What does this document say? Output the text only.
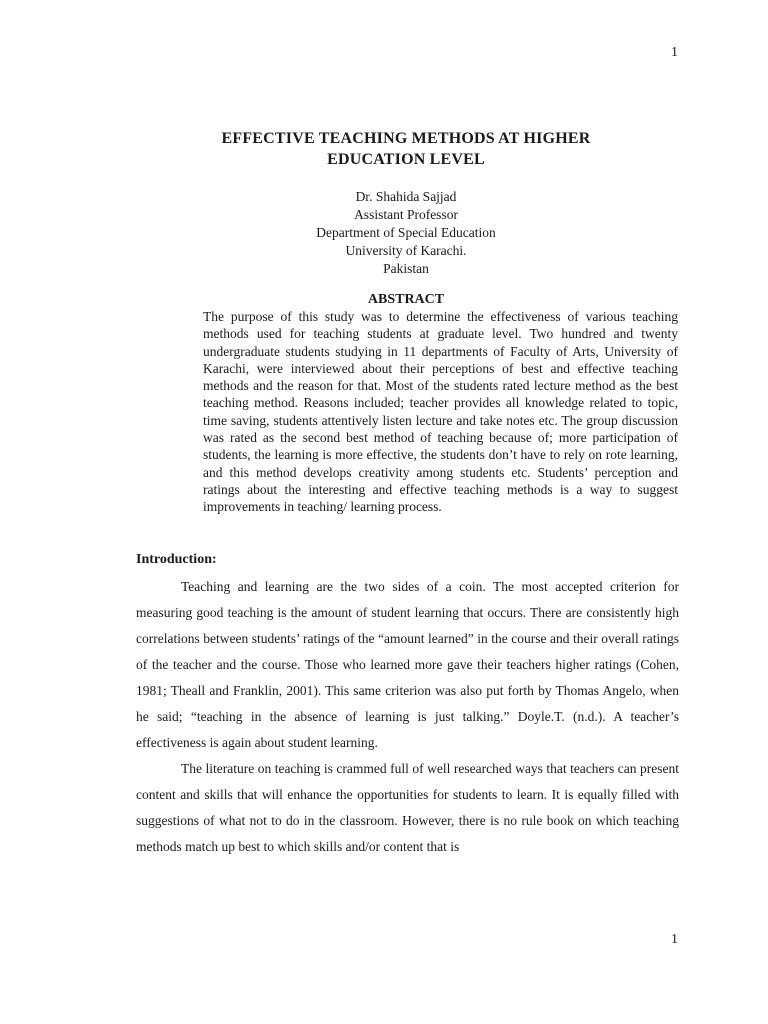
1
EFFECTIVE TEACHING METHODS AT HIGHER
EDUCATION LEVEL
Dr. Shahida Sajjad
Assistant Professor
Department of Special Education
University of Karachi.
Pakistan
ABSTRACT
The purpose of this study was to determine the effectiveness of various teaching methods used for teaching students at graduate level. Two hundred and twenty undergraduate students studying in 11 departments of Faculty of Arts, University of Karachi, were interviewed about their perceptions of best and effective teaching methods and the reason for that. Most of the students rated lecture method as the best teaching method. Reasons included; teacher provides all knowledge related to topic, time saving, students attentively listen lecture and take notes etc. The group discussion was rated as the second best method of teaching because of; more participation of students, the learning is more effective, the students don’t have to rely on rote learning, and this method develops creativity among students etc. Students’ perception and ratings about the interesting and effective teaching methods is a way to suggest improvements in teaching/ learning process.
Introduction:

Teaching and learning are the two sides of a coin. The most accepted criterion for measuring good teaching is the amount of student learning that occurs. There are consistently high correlations between students’ ratings of the “amount learned” in the course and their overall ratings of the teacher and the course. Those who learned more gave their teachers higher ratings (Cohen, 1981; Theall and Franklin, 2001). This same criterion was also put forth by Thomas Angelo, when he said; “teaching in the absence of learning is just talking.” Doyle.T. (n.d.). A teacher’s effectiveness is again about student learning.

The literature on teaching is crammed full of well researched ways that teachers can present content and skills that will enhance the opportunities for students to learn. It is equally filled with suggestions of what not to do in the classroom. However, there is no rule book on which teaching methods match up best to which skills and/or content that is

1
